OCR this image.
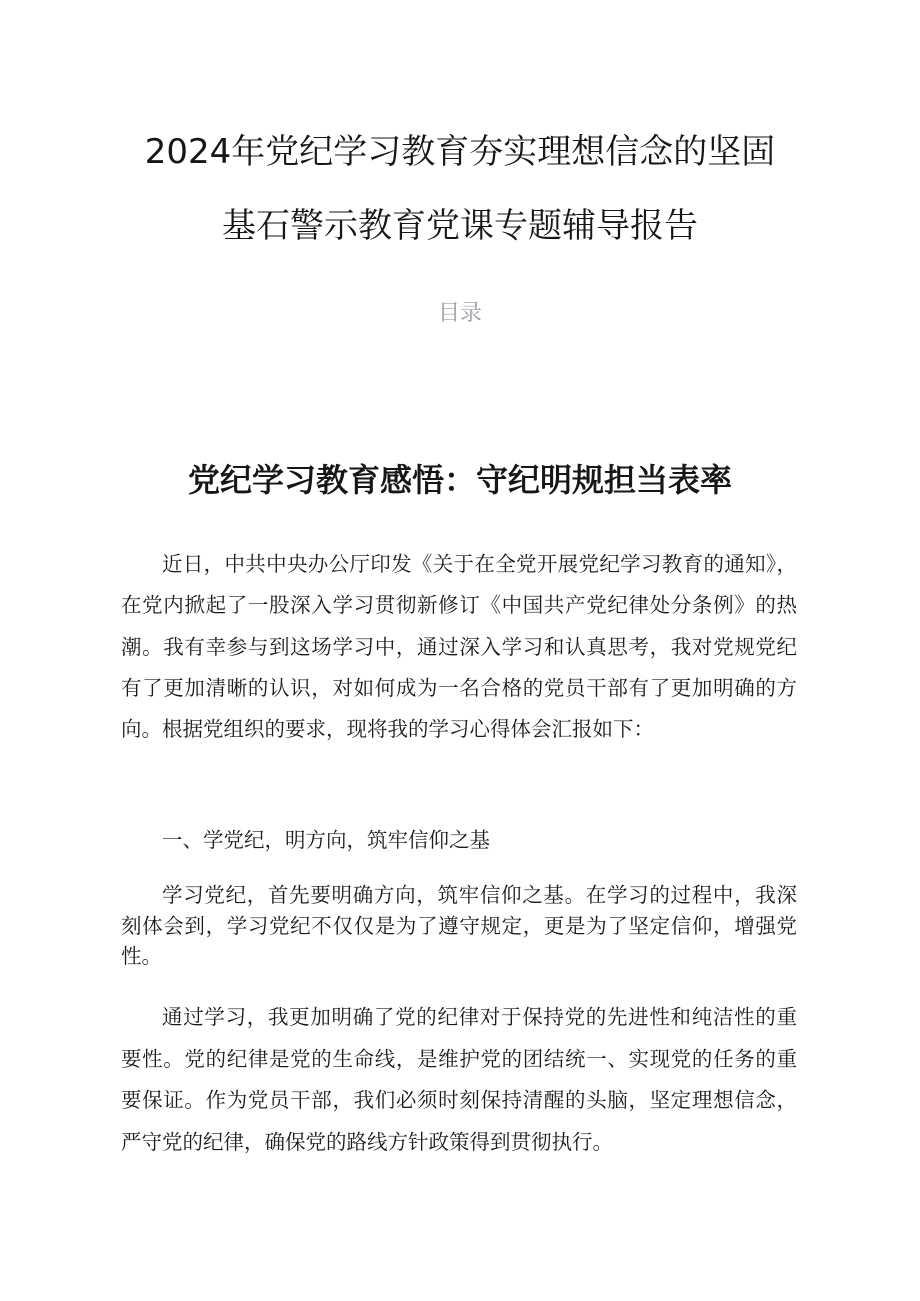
2024年党纪学习教育夯实理想信念的坚固
基石警示教育党课专题辅导报告
目录
党纪学习教育感悟：守纪明规担当表率

近日，中共中央办公厅印发《关于在全党开展党纪学习教育的通知》，在党内掀起了一股深入学习贯彻新修订《中国共产党纪律处分条例》的热潮。我有幸参与到这场学习中，通过深入学习和认真思考，我对党规党纪有了更加清晰的认识，对如何成为一名合格的党员干部有了更加明确的方向。根据党组织的要求，现将我的学习心得体会汇报如下：

一、学党纪，明方向，筑牢信仰之基

学习党纪，首先要明确方向，筑牢信仰之基。在学习的过程中，我深刻体会到，学习党纪不仅仅是为了遵守规定，更是为了坚定信仰，增强党性。

通过学习，我更加明确了党的纪律对于保持党的先进性和纯洁性的重要性。党的纪律是党的生命线，是维护党的团结统一、实现党的任务的重要保证。作为党员干部，我们必须时刻保持清醒的头脑，坚定理想信念，严守党的纪律，确保党的路线方针政策得到贯彻执行。
